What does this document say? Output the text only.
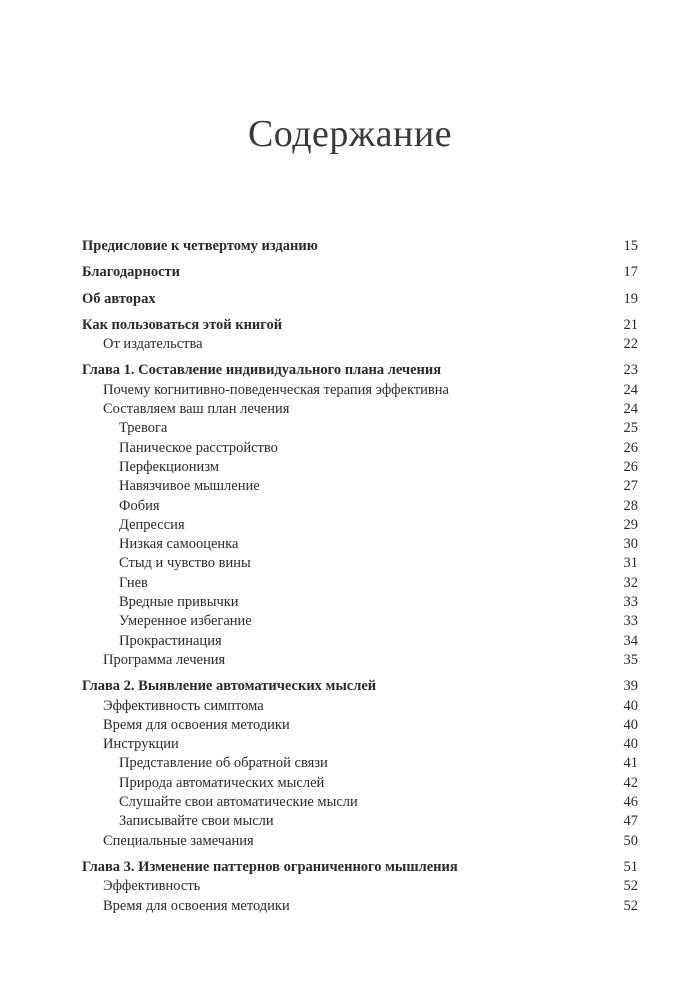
Содержание
Предисловие к четвертому изданию	15
Благодарности	17
Об авторах	19
Как пользоваться этой книгой	21
От издательства	22
Глава 1. Составление индивидуального плана лечения	23
Почему когнитивно-поведенческая терапия эффективна	24
Составляем ваш план лечения	24
Тревога	25
Паническое расстройство	26
Перфекционизм	26
Навязчивое мышление	27
Фобия	28
Депрессия	29
Низкая самооценка	30
Стыд и чувство вины	31
Гнев	32
Вредные привычки	33
Умеренное избегание	33
Прокрастинация	34
Программа лечения	35
Глава 2. Выявление автоматических мыслей	39
Эффективность симптома	40
Время для освоения методики	40
Инструкции	40
Представление об обратной связи	41
Природа автоматических мыслей	42
Слушайте свои автоматические мысли	46
Записывайте свои мысли	47
Специальные замечания	50
Глава 3. Изменение паттернов ограниченного мышления	51
Эффективность	52
Время для освоения методики	52
